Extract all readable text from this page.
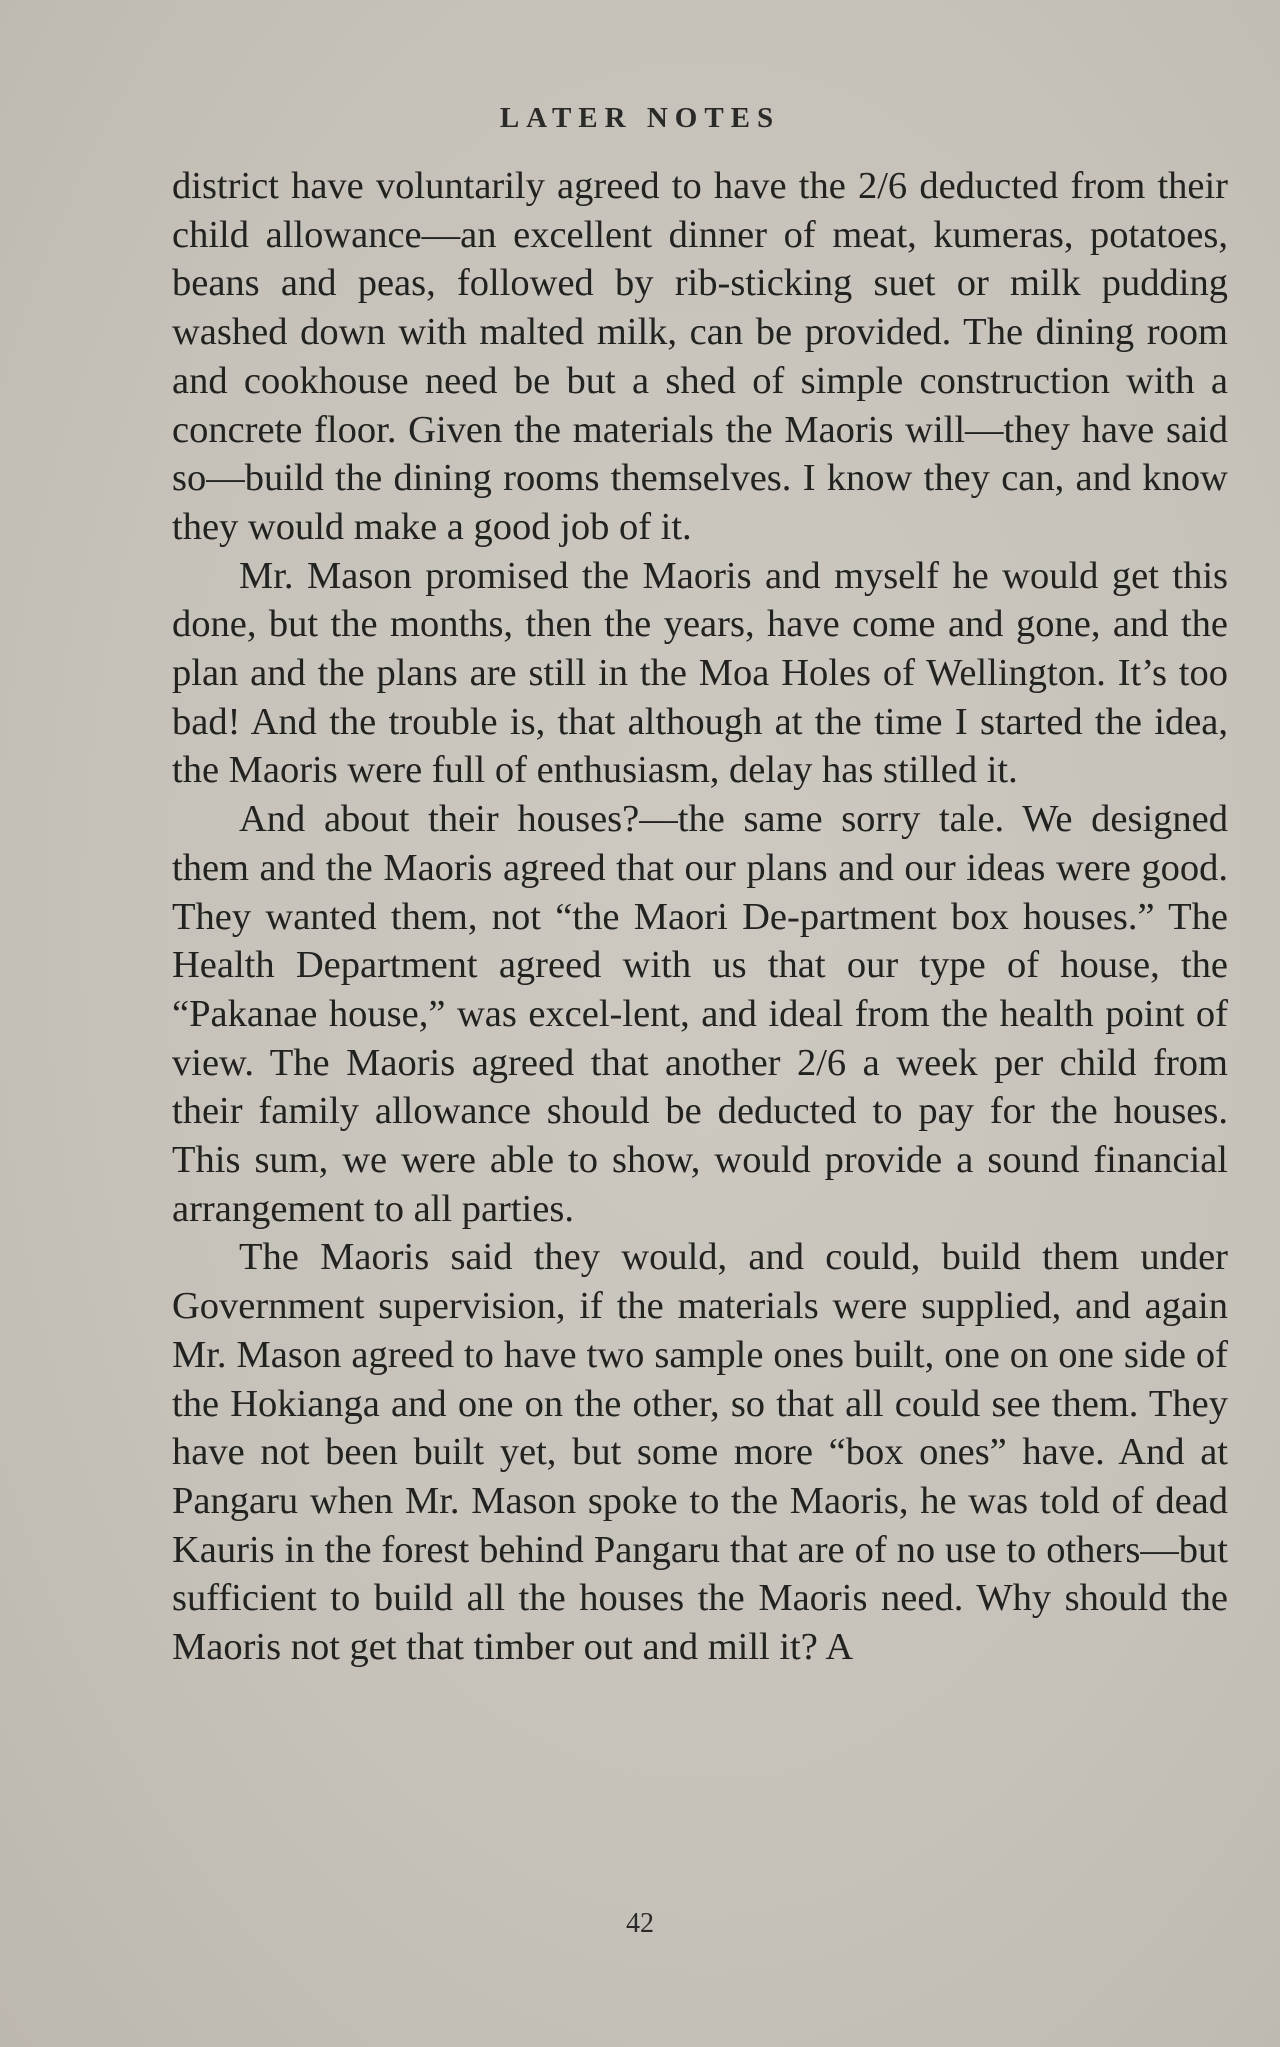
LATER NOTES

district have voluntarily agreed to have the 2/6 deducted from their child allowance—an excellent dinner of meat, kumeras, potatoes, beans and peas, followed by rib-sticking suet or milk pudding washed down with malted milk, can be provided. The dining room and cookhouse need be but a shed of simple construction with a concrete floor. Given the materials the Maoris will—they have said so—build the dining rooms themselves. I know they can, and know they would make a good job of it.

Mr. Mason promised the Maoris and myself he would get this done, but the months, then the years, have come and gone, and the plan and the plans are still in the Moa Holes of Wellington. It’s too bad! And the trouble is, that although at the time I started the idea, the Maoris were full of enthusiasm, delay has stilled it.

And about their houses?—the same sorry tale. We designed them and the Maoris agreed that our plans and our ideas were good. They wanted them, not “the Maori De-partment box houses.” The Health Department agreed with us that our type of house, the “Pakanae house,” was excel-lent, and ideal from the health point of view. The Maoris agreed that another 2/6 a week per child from their family allowance should be deducted to pay for the houses. This sum, we were able to show, would provide a sound financial arrangement to all parties.

The Maoris said they would, and could, build them under Government supervision, if the materials were supplied, and again Mr. Mason agreed to have two sample ones built, one on one side of the Hokianga and one on the other, so that all could see them. They have not been built yet, but some more “box ones” have. And at Pangaru when Mr. Mason spoke to the Maoris, he was told of dead Kauris in the forest behind Pangaru that are of no use to others—but sufficient to build all the houses the Maoris need. Why should the Maoris not get that timber out and mill it? A

42
